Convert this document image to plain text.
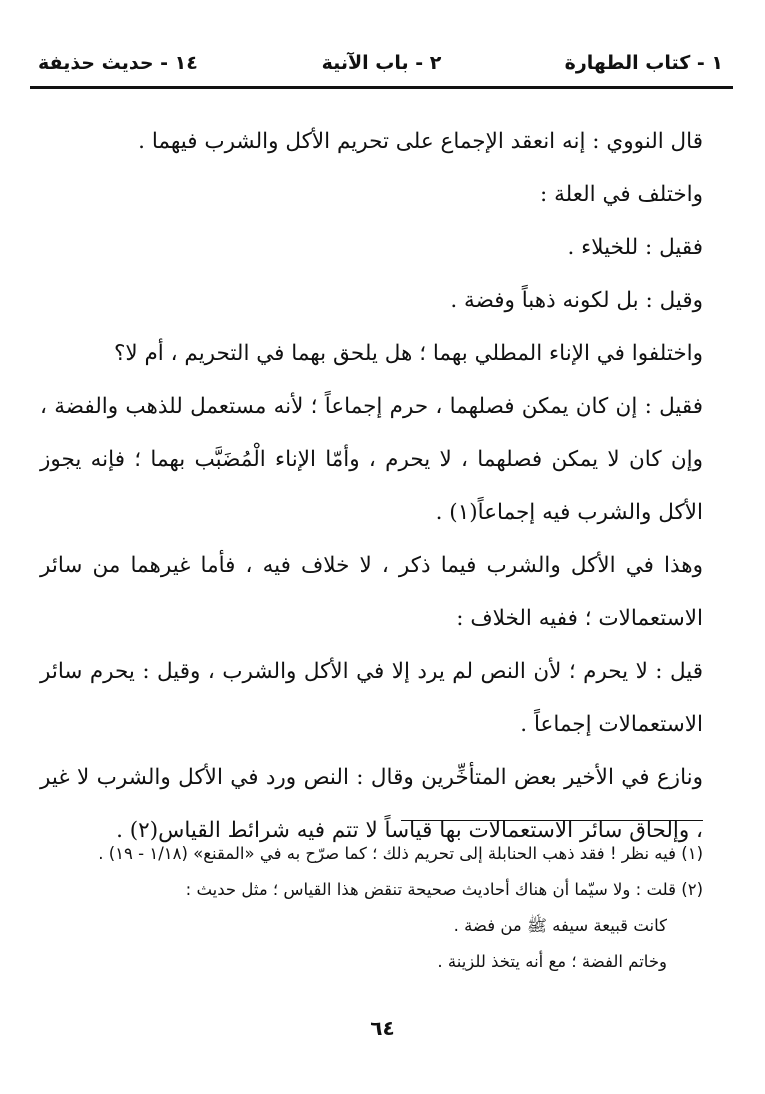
١ - كتاب الطهارة
٢ - باب الآنية
١٤ - حديث حذيفة

قال النووي : إنه انعقد الإجماع على تحريم الأكل والشرب فيهما .

واختلف في العلة :

فقيل : للخيلاء .

وقيل : بل لكونه ذهباً وفضة .

واختلفوا في الإناء المطلي بهما ؛ هل يلحق بهما في التحريم ، أم لا؟

فقيل : إن كان يمكن فصلهما ، حرم إجماعاً ؛ لأنه مستعمل للذهب والفضة ، وإن كان لا يمكن فصلهما ، لا يحرم ، وأمّا الإناء الْمُضَبَّب بهما ؛ فإنه يجوز الأكل والشرب فيه إجماعاً(١) .

وهذا في الأكل والشرب فيما ذكر ، لا خلاف فيه ، فأما غيرهما من سائر الاستعمالات ؛ ففيه الخلاف :

قيل : لا يحرم ؛ لأن النص لم يرد إلا في الأكل والشرب ، وقيل : يحرم سائر الاستعمالات إجماعاً .

ونازع في الأخير بعض المتأخِّرين وقال : النص ورد في الأكل والشرب لا غير ، وإلحاق سائر الاستعمالات بها قياساً لا تتم فيه شرائط القياس(٢) .

(١) فيه نظر ! فقد ذهب الحنابلة إلى تحريم ذلك ؛ كما صرّح به في «المقنع» (١/١٨ - ١٩) .

(٢) قلت : ولا سيّما أن هناك أحاديث صحيحة تنقض هذا القياس ؛ مثل حديث :

كانت قبيعة سيفه ﷺ من فضة .

وخاتم الفضة ؛ مع أنه يتخذ للزينة .

٦٤
